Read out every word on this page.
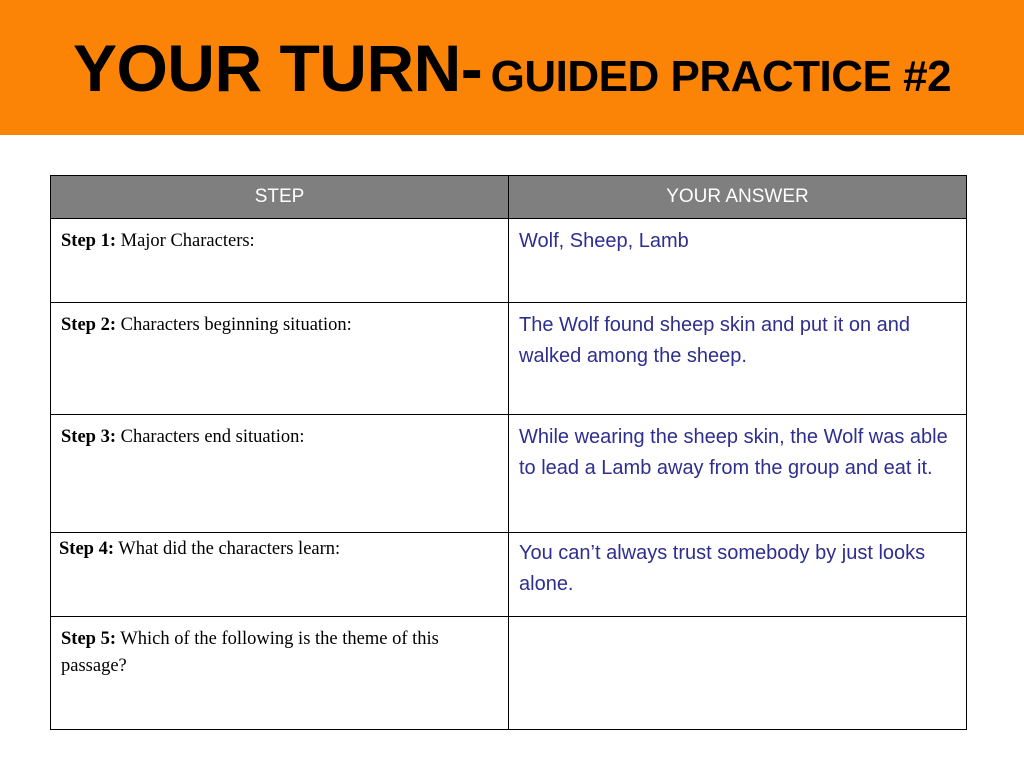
YOUR TURN- GUIDED PRACTICE #2
STEP	YOUR ANSWER
Step 1: Major Characters:	Wolf, Sheep, Lamb
Step 2: Characters beginning situation:	The Wolf found sheep skin and put it on and walked among the sheep.
Step 3: Characters end situation:	While wearing the sheep skin, the Wolf was able to lead a Lamb away from the group and eat it.
Step 4: What did the characters learn:	You can’t always trust somebody by just looks alone.
Step 5: Which of the following is the theme of this passage?	
